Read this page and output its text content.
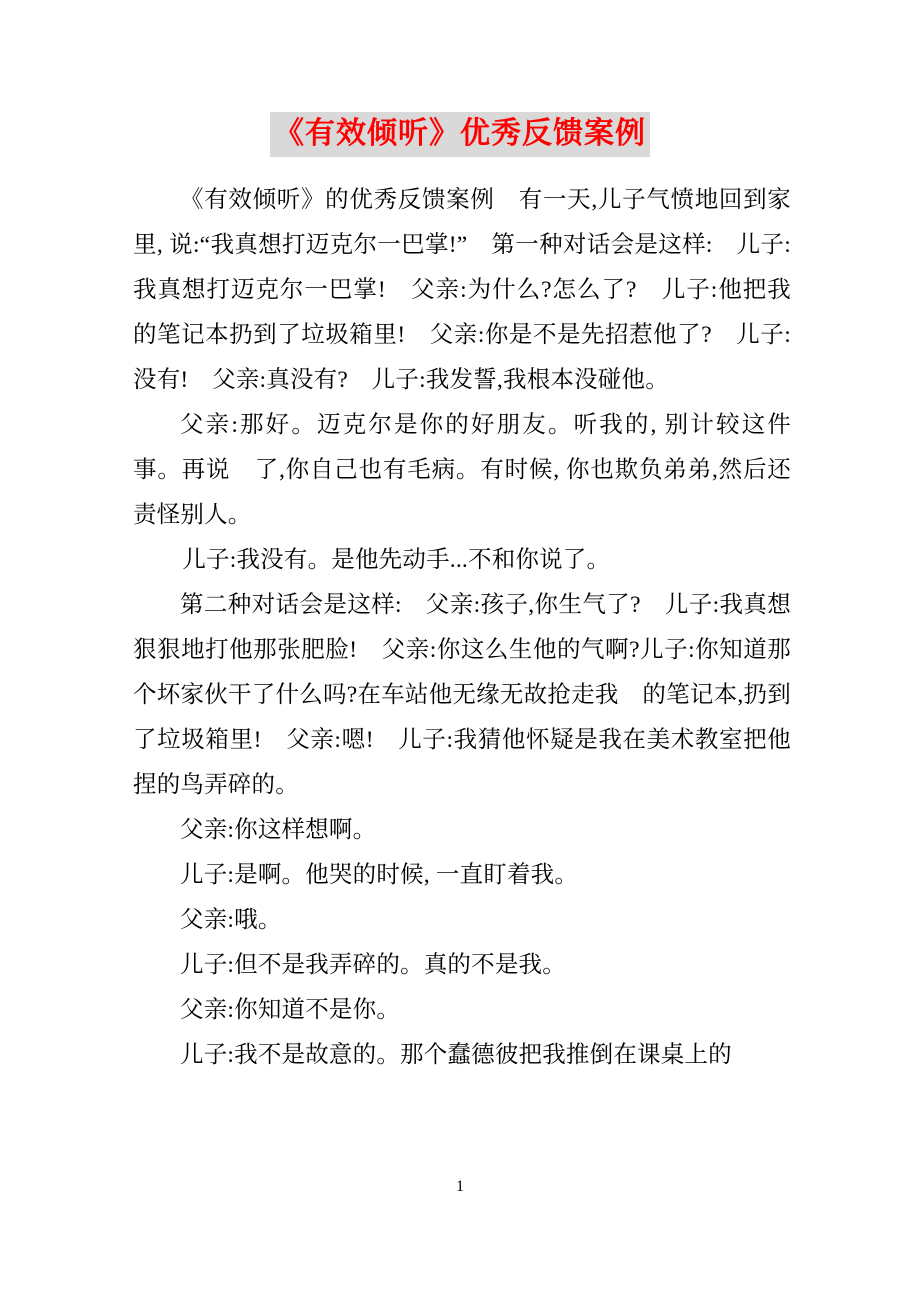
《有效倾听》优秀反馈案例

《有效倾听》的优秀反馈案例　有一天,儿子气愤地回到家里, 说:“我真想打迈克尔一巴掌!”　第一种对话会是这样:　儿子:我真想打迈克尔一巴掌!　父亲:为什么?怎么了?　儿子:他把我的笔记本扔到了垃圾箱里!　父亲:你是不是先招惹他了?　儿子:没有!　父亲:真没有?　儿子:我发誓,我根本没碰他。

父亲:那好。迈克尔是你的好朋友。听我的, 别计较这件事。再说　了,你自己也有毛病。有时候, 你也欺负弟弟,然后还责怪别人。

儿子:我没有。是他先动手...不和你说了。

第二种对话会是这样:　父亲:孩子,你生气了?　儿子:我真想狠狠地打他那张肥脸!　父亲:你这么生他的气啊?儿子:你知道那个坏家伙干了什么吗?在车站他无缘无故抢走我　的笔记本,扔到了垃圾箱里!　父亲:嗯!　儿子:我猜他怀疑是我在美术教室把他捏的鸟弄碎的。

父亲:你这样想啊。

儿子:是啊。他哭的时候, 一直盯着我。

父亲:哦。

儿子:但不是我弄碎的。真的不是我。

父亲:你知道不是你。

儿子:我不是故意的。那个蠢德彼把我推倒在课桌上的

1
